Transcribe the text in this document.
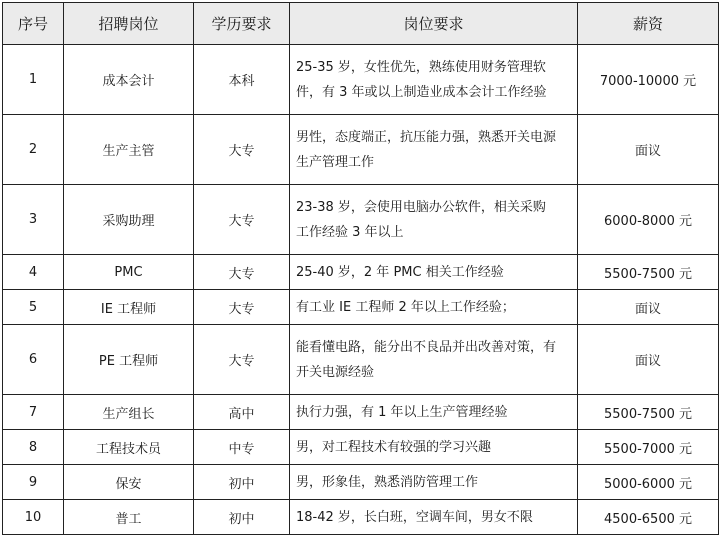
序号	招聘岗位	学历要求	岗位要求	薪资
1	成本会计	本科	25-35 岁，女性优先，熟练使用财务管理软
件，有 3 年或以上制造业成本会计工作经验	7000-10000 元
2	生产主管	大专	男性，态度端正，抗压能力强，熟悉开关电源
生产管理工作	面议
3	采购助理	大专	23-38 岁，会使用电脑办公软件，相关采购
工作经验 3 年以上	6000-8000 元
4	PMC	大专	25-40 岁，2 年 PMC 相关工作经验	5500-7500 元
5	IE 工程师	大专	有工业 IE 工程师 2 年以上工作经验；	面议
6	PE 工程师	大专	能看懂电路，能分出不良品并出改善对策，有
开关电源经验	面议
7	生产组长	高中	执行力强，有 1 年以上生产管理经验	5500-7500 元
8	工程技术员	中专	男，对工程技术有较强的学习兴趣	5500-7000 元
9	保安	初中	男，形象佳，熟悉消防管理工作	5000-6000 元
10	普工	初中	18-42 岁，长白班，空调车间，男女不限	4500-6500 元
